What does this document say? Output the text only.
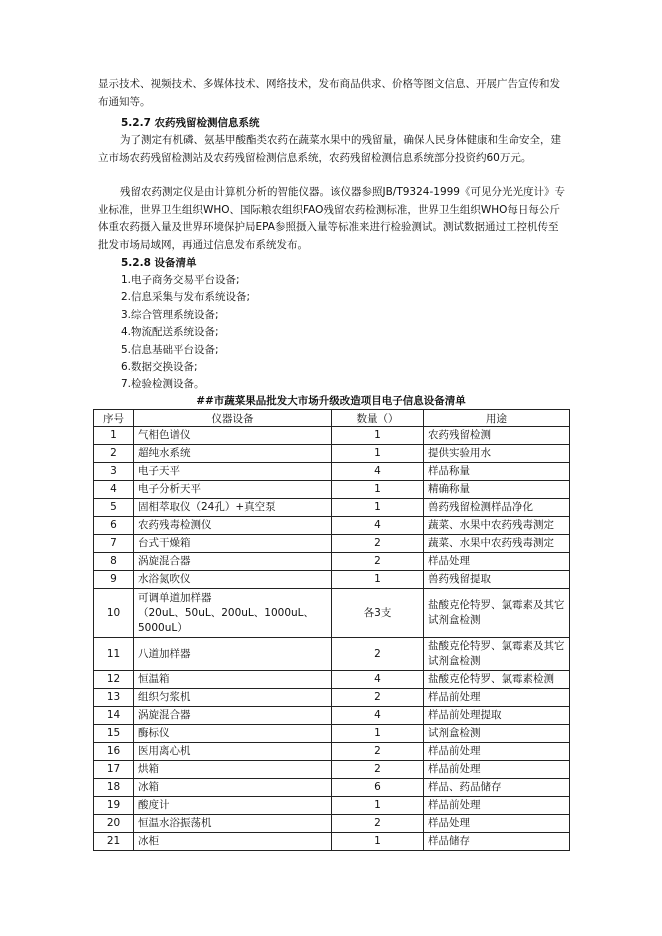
显示技术、视频技术、多媒体技术、网络技术，发布商品供求、价格等图文信息、开展广告宣传和发布通知等。

5.2.7 农药残留检测信息系统

为了测定有机磷、氨基甲酸酯类农药在蔬菜水果中的残留量，确保人民身体健康和生命安全，建立市场农药残留检测站及农药残留检测信息系统，农药残留检测信息系统部分投资约60万元。

残留农药测定仪是由计算机分析的智能仪器。该仪器参照JB/T9324-1999《可见分光光度计》专业标准，世界卫生组织WHO、国际粮农组织FAO残留农药检测标准，世界卫生组织WHO每日每公斤体重农药摄入量及世界环境保护局EPA参照摄入量等标准来进行检验测试。测试数据通过工控机传至批发市场局域网，再通过信息发布系统发布。

5.2.8 设备清单

1.电子商务交易平台设备;
2.信息采集与发布系统设备;
3.综合管理系统设备;
4.物流配送系统设备;
5.信息基础平台设备;
6.数据交换设备;
7.检验检测设备。

##市蔬菜果品批发大市场升级改造项目电子信息设备清单

序号	仪器设备	数量（）	用途
1	气相色谱仪	1	农药残留检测
2	超纯水系统	1	提供实验用水
3	电子天平	4	样品称量
4	电子分析天平	1	精确称量
5	固相萃取仪（24孔）+真空泵	1	兽药残留检测样品净化
6	农药残毒检测仪	4	蔬菜、水果中农药残毒测定
7	台式干燥箱	2	蔬菜、水果中农药残毒测定
8	涡旋混合器	2	样品处理
9	水浴氮吹仪	1	兽药残留提取
10	可调单道加样器
（20uL、50uL、200uL、1000uL、5000uL）	各3支	盐酸克伦特罗、氯霉素及其它试剂盒检测
11	八道加样器	2	盐酸克伦特罗、氯霉素及其它试剂盒检测
12	恒温箱	4	盐酸克伦特罗、氯霉素检测
13	组织匀浆机	2	样品前处理
14	涡旋混合器	4	样品前处理提取
15	酶标仪	1	试剂盒检测
16	医用离心机	2	样品前处理
17	烘箱	2	样品前处理
18	冰箱	6	样品、药品储存
19	酸度计	1	样品前处理
20	恒温水浴振荡机	2	样品处理
21	冰柜	1	样品储存
